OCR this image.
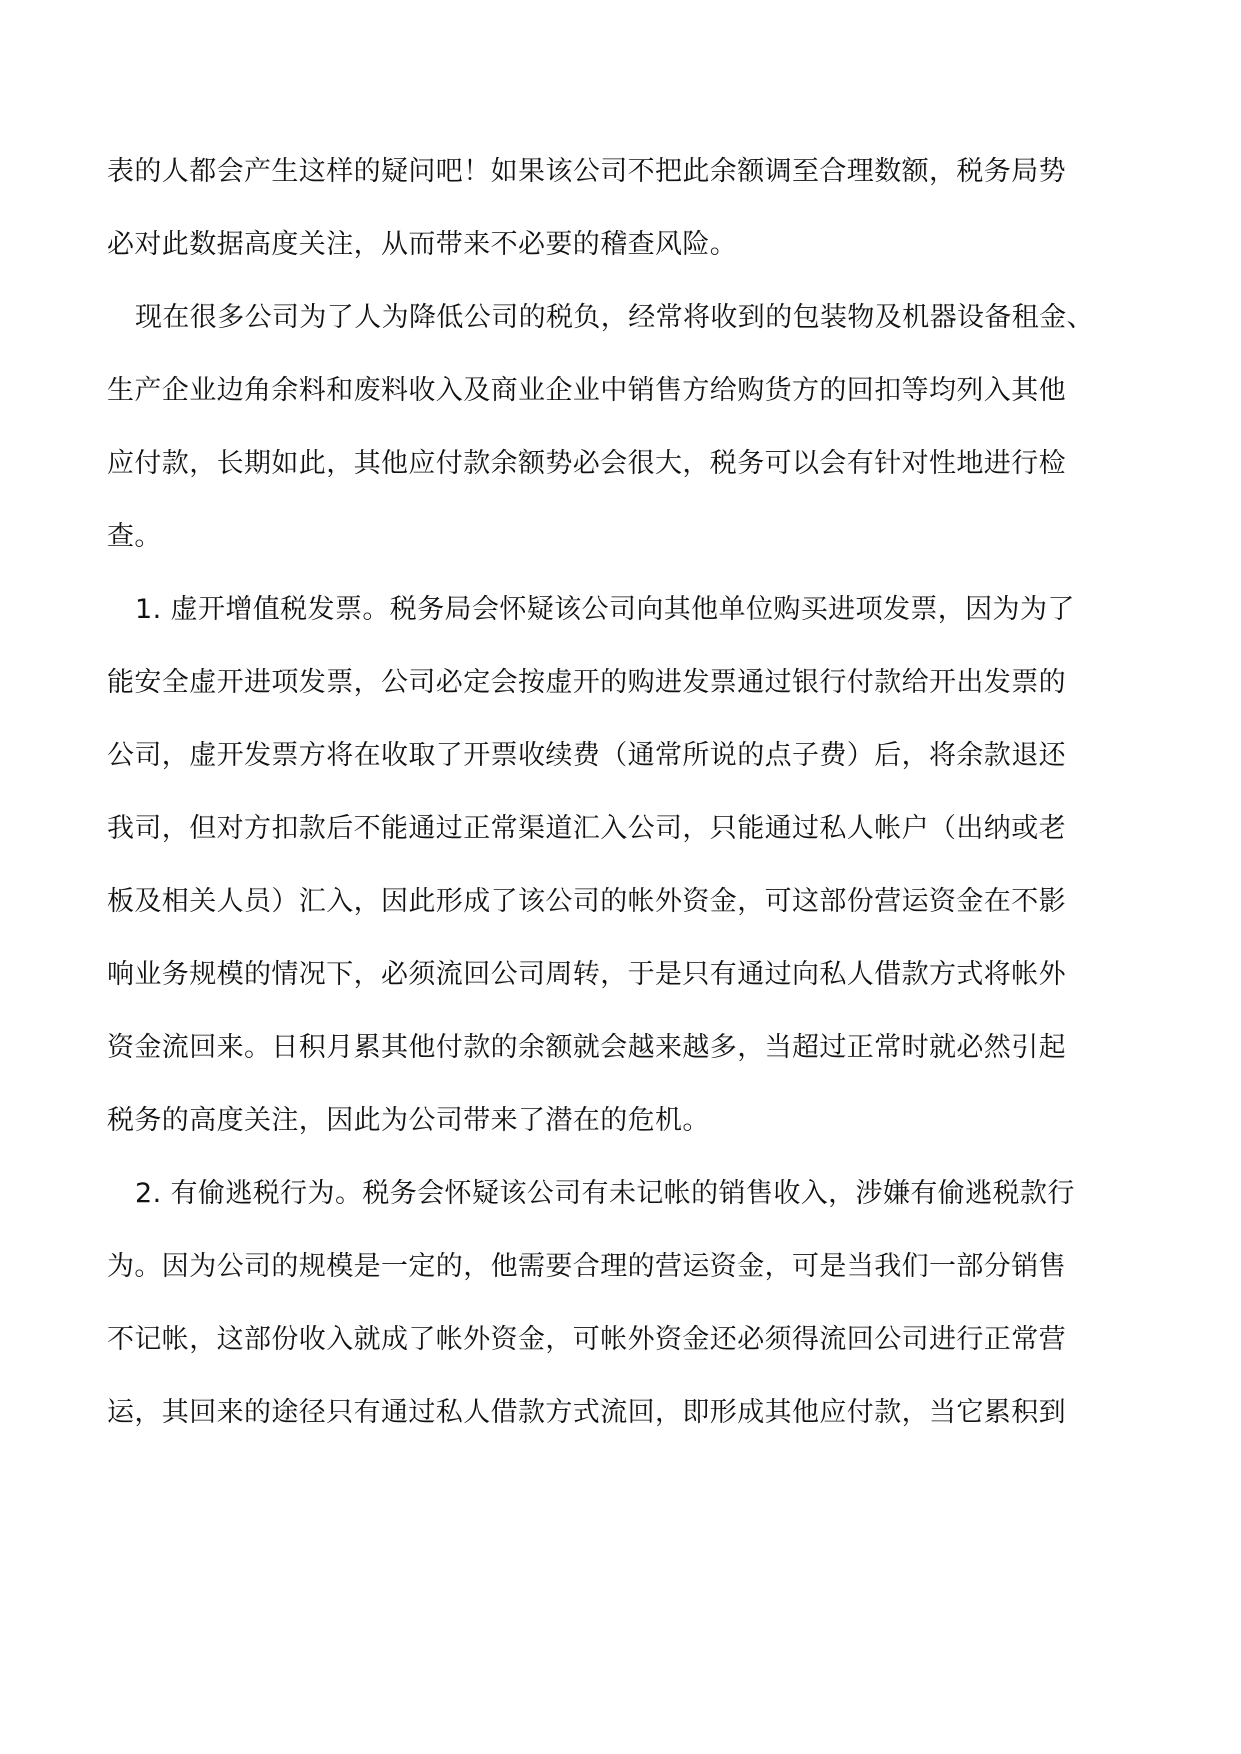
表的人都会产生这样的疑问吧！如果该公司不把此余额调至合理数额，税务局势
必对此数据高度关注，从而带来不必要的稽查风险。
现在很多公司为了人为降低公司的税负，经常将收到的包装物及机器设备租金、
生产企业边角余料和废料收入及商业企业中销售方给购货方的回扣等均列入其他
应付款，长期如此，其他应付款余额势必会很大，税务可以会有针对性地进行检
查。
1. 虚开增值税发票。税务局会怀疑该公司向其他单位购买进项发票，因为为了
能安全虚开进项发票，公司必定会按虚开的购进发票通过银行付款给开出发票的
公司，虚开发票方将在收取了开票收续费（通常所说的点子费）后，将余款退还
我司，但对方扣款后不能通过正常渠道汇入公司，只能通过私人帐户（出纳或老
板及相关人员）汇入，因此形成了该公司的帐外资金，可这部份营运资金在不影
响业务规模的情况下，必须流回公司周转，于是只有通过向私人借款方式将帐外
资金流回来。日积月累其他付款的余额就会越来越多，当超过正常时就必然引起
税务的高度关注，因此为公司带来了潜在的危机。
2. 有偷逃税行为。税务会怀疑该公司有未记帐的销售收入，涉嫌有偷逃税款行
为。因为公司的规模是一定的，他需要合理的营运资金，可是当我们一部分销售
不记帐，这部份收入就成了帐外资金，可帐外资金还必须得流回公司进行正常营
运，其回来的途径只有通过私人借款方式流回，即形成其他应付款，当它累积到
